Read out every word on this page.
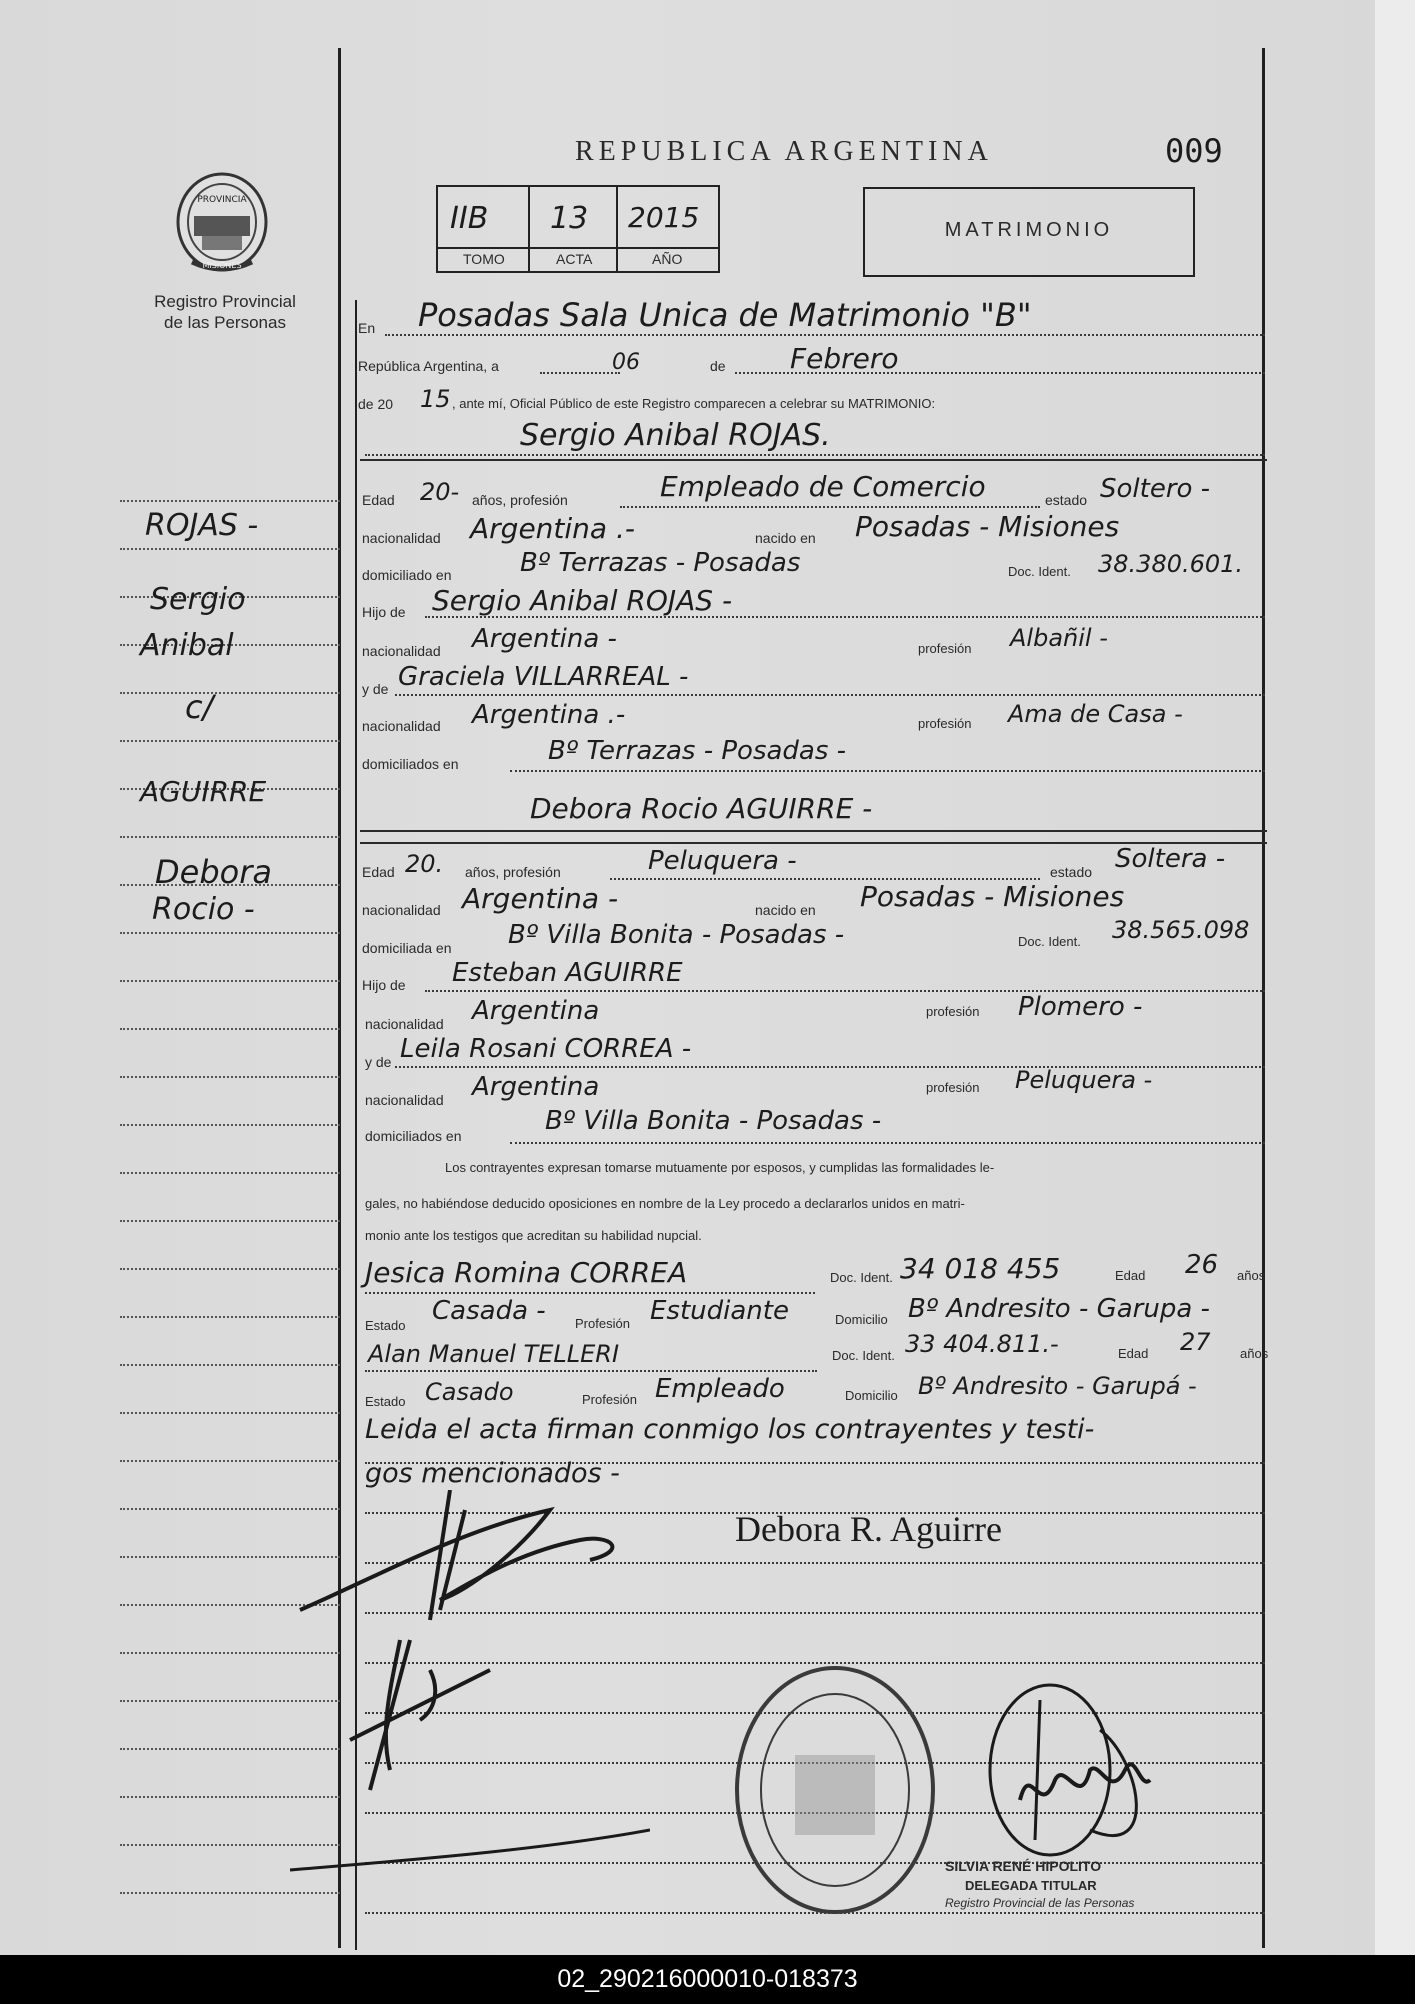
PROVINCIA
MISIONES
Registro Provincial
de las Personas
REPUBLICA ARGENTINA	009
IIB 13 2015
TOMO	ACTA	AÑO
MATRIMONIO
ROJAS -
Sergio
Anibal
c/
AGUIRRE
Debora
Rocio -
En Posadas Sala Unica de Matrimonio "B"
República Argentina, a	06	de Febrero
de 20 15 , ante mí, Oficial Público de este Registro comparecen a celebrar su MATRIMONIO:
Sergio Anibal ROJAS.
Edad 20- años, profesión	Empleado de Comercio	estado Soltero -
nacionalidad Argentina .-	nacido en Posadas - Misiones
domiciliado en	Bº Terrazas - Posadas	Doc. Ident. 38.380.601.
Hijo de Sergio Anibal ROJAS -
nacionalidad Argentina -	profesión Albañil -
y de Graciela VILLARREAL -
nacionalidad Argentina .-	profesión Ama de Casa -
domiciliados en	Bº Terrazas - Posadas -
Debora Rocio AGUIRRE -
Edad 20. años, profesión	Peluquera -	estado Soltera -
nacionalidad Argentina -	nacido en Posadas - Misiones
domiciliada en Bº Villa Bonita - Posadas -	Doc. Ident. 38.565.098
Hijo de Esteban AGUIRRE
nacionalidad Argentina	profesión Plomero -
y de Leila Rosani CORREA -
nacionalidad Argentina	profesión Peluquera -
domiciliados en	Bº Villa Bonita - Posadas -
Los contrayentes expresan tomarse mutuamente por esposos, y cumplidas las formalidades le-
gales, no habiéndose deducido oposiciones en nombre de la Ley procedo a declararlos unidos en matri-
monio ante los testigos que acreditan su habilidad nupcial.
Jesica Romina CORREA	Doc. Ident. 34 018 455	Edad 26 años
Estado Casada - Profesión Estudiante	Domicilio Bº Andresito - Garupa -
Alan Manuel TELLERI	Doc. Ident. 33 404.811.-	Edad 27 años
Estado Casado	Profesión Empleado	Domicilio Bº Andresito - Garupá -
Leida el acta firman conmigo los contrayentes y testi-
gos mencionados -
Debora R. Aguirre
SILVIA RENÉ HIPOLITO
DELEGADA TITULAR
Registro Provincial de las Personas
02_290216000010-018373
